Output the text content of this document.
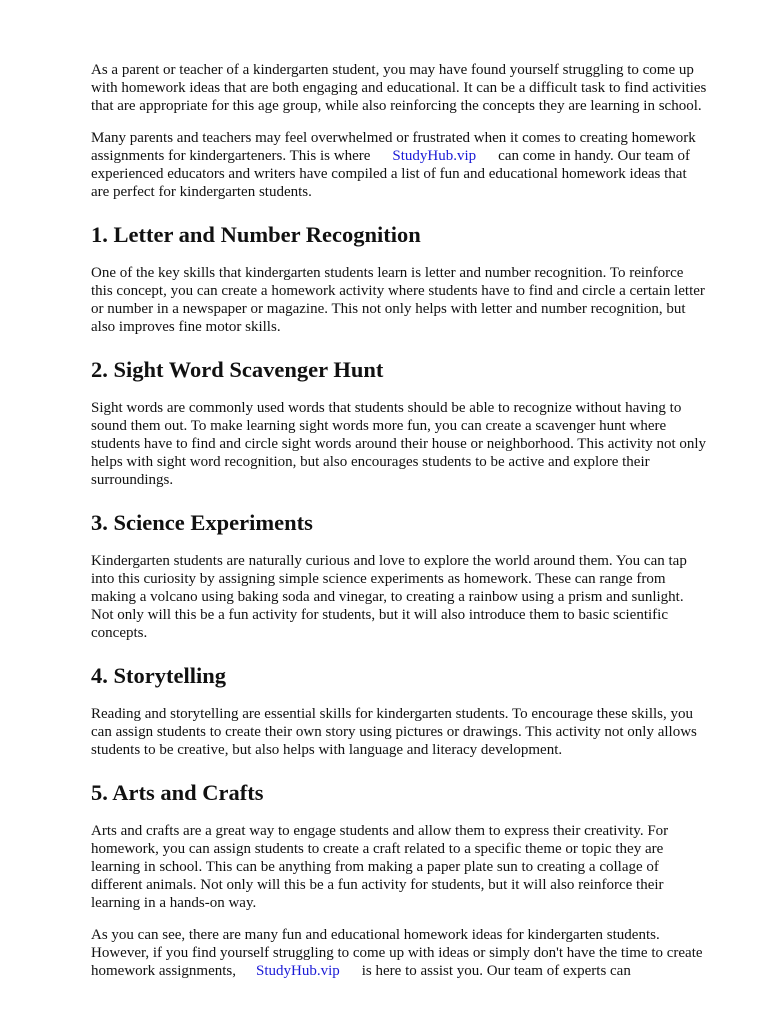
As a parent or teacher of a kindergarten student, you may have found yourself struggling to come up with homework ideas that are both engaging and educational. It can be a difficult task to find activities that are appropriate for this age group, while also reinforcing the concepts they are learning in school.

Many parents and teachers may feel overwhelmed or frustrated when it comes to creating homework assignments for kindergarteners. This is where StudyHub.vip can come in handy. Our team of experienced educators and writers have compiled a list of fun and educational homework ideas that are perfect for kindergarten students.

1. Letter and Number Recognition

One of the key skills that kindergarten students learn is letter and number recognition. To reinforce this concept, you can create a homework activity where students have to find and circle a certain letter or number in a newspaper or magazine. This not only helps with letter and number recognition, but also improves fine motor skills.

2. Sight Word Scavenger Hunt

Sight words are commonly used words that students should be able to recognize without having to sound them out. To make learning sight words more fun, you can create a scavenger hunt where students have to find and circle sight words around their house or neighborhood. This activity not only helps with sight word recognition, but also encourages students to be active and explore their surroundings.

3. Science Experiments

Kindergarten students are naturally curious and love to explore the world around them. You can tap into this curiosity by assigning simple science experiments as homework. These can range from making a volcano using baking soda and vinegar, to creating a rainbow using a prism and sunlight. Not only will this be a fun activity for students, but it will also introduce them to basic scientific concepts.

4. Storytelling

Reading and storytelling are essential skills for kindergarten students. To encourage these skills, you can assign students to create their own story using pictures or drawings. This activity not only allows students to be creative, but also helps with language and literacy development.

5. Arts and Crafts

Arts and crafts are a great way to engage students and allow them to express their creativity. For homework, you can assign students to create a craft related to a specific theme or topic they are learning in school. This can be anything from making a paper plate sun to creating a collage of different animals. Not only will this be a fun activity for students, but it will also reinforce their learning in a hands-on way.

As you can see, there are many fun and educational homework ideas for kindergarten students. However, if you find yourself struggling to come up with ideas or simply don't have the time to create homework assignments, StudyHub.vip is here to assist you. Our team of experts can
